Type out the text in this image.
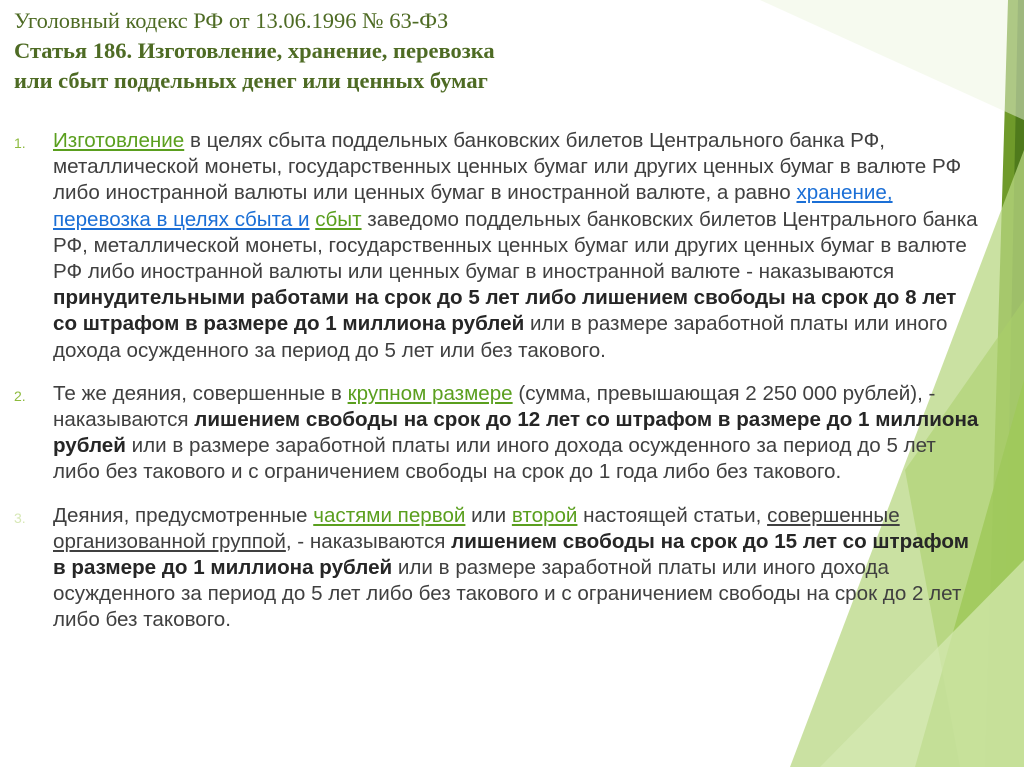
Уголовный кодекс РФ от 13.06.1996 № 63-ФЗ
Статья 186. Изготовление, хранение, перевозка
или сбыт поддельных денег или ценных бумаг
1. Изготовление в целях сбыта поддельных банковских билетов Центрального банка РФ, металлической монеты, государственных ценных бумаг или других ценных бумаг в валюте РФ либо иностранной валюты или ценных бумаг в иностранной валюте, а равно хранение, перевозка в целях сбыта и сбыт заведомо поддельных банковских билетов Центрального банка РФ, металлической монеты, государственных ценных бумаг или других ценных бумаг в валюте РФ либо иностранной валюты или ценных бумаг в иностранной валюте - наказываются принудительными работами на срок до 5 лет либо лишением свободы на срок до 8 лет со штрафом в размере до 1 миллиона рублей или в размере заработной платы или иного дохода осужденного за период до 5 лет или без такового.
2. Те же деяния, совершенные в крупном размере (сумма, превышающая 2 250 000 рублей), - наказываются лишением свободы на срок до 12 лет со штрафом в размере до 1 миллиона рублей или в размере заработной платы или иного дохода осужденного за период до 5 лет либо без такового и с ограничением свободы на срок до 1 года либо без такового.
3. Деяния, предусмотренные частями первой или второй настоящей статьи, совершенные организованной группой, - наказываются лишением свободы на срок до 15 лет со штрафом в размере до 1 миллиона рублей или в размере заработной платы или иного дохода осужденного за период до 5 лет либо без такового и с ограничением свободы на срок до 2 лет либо без такового.
